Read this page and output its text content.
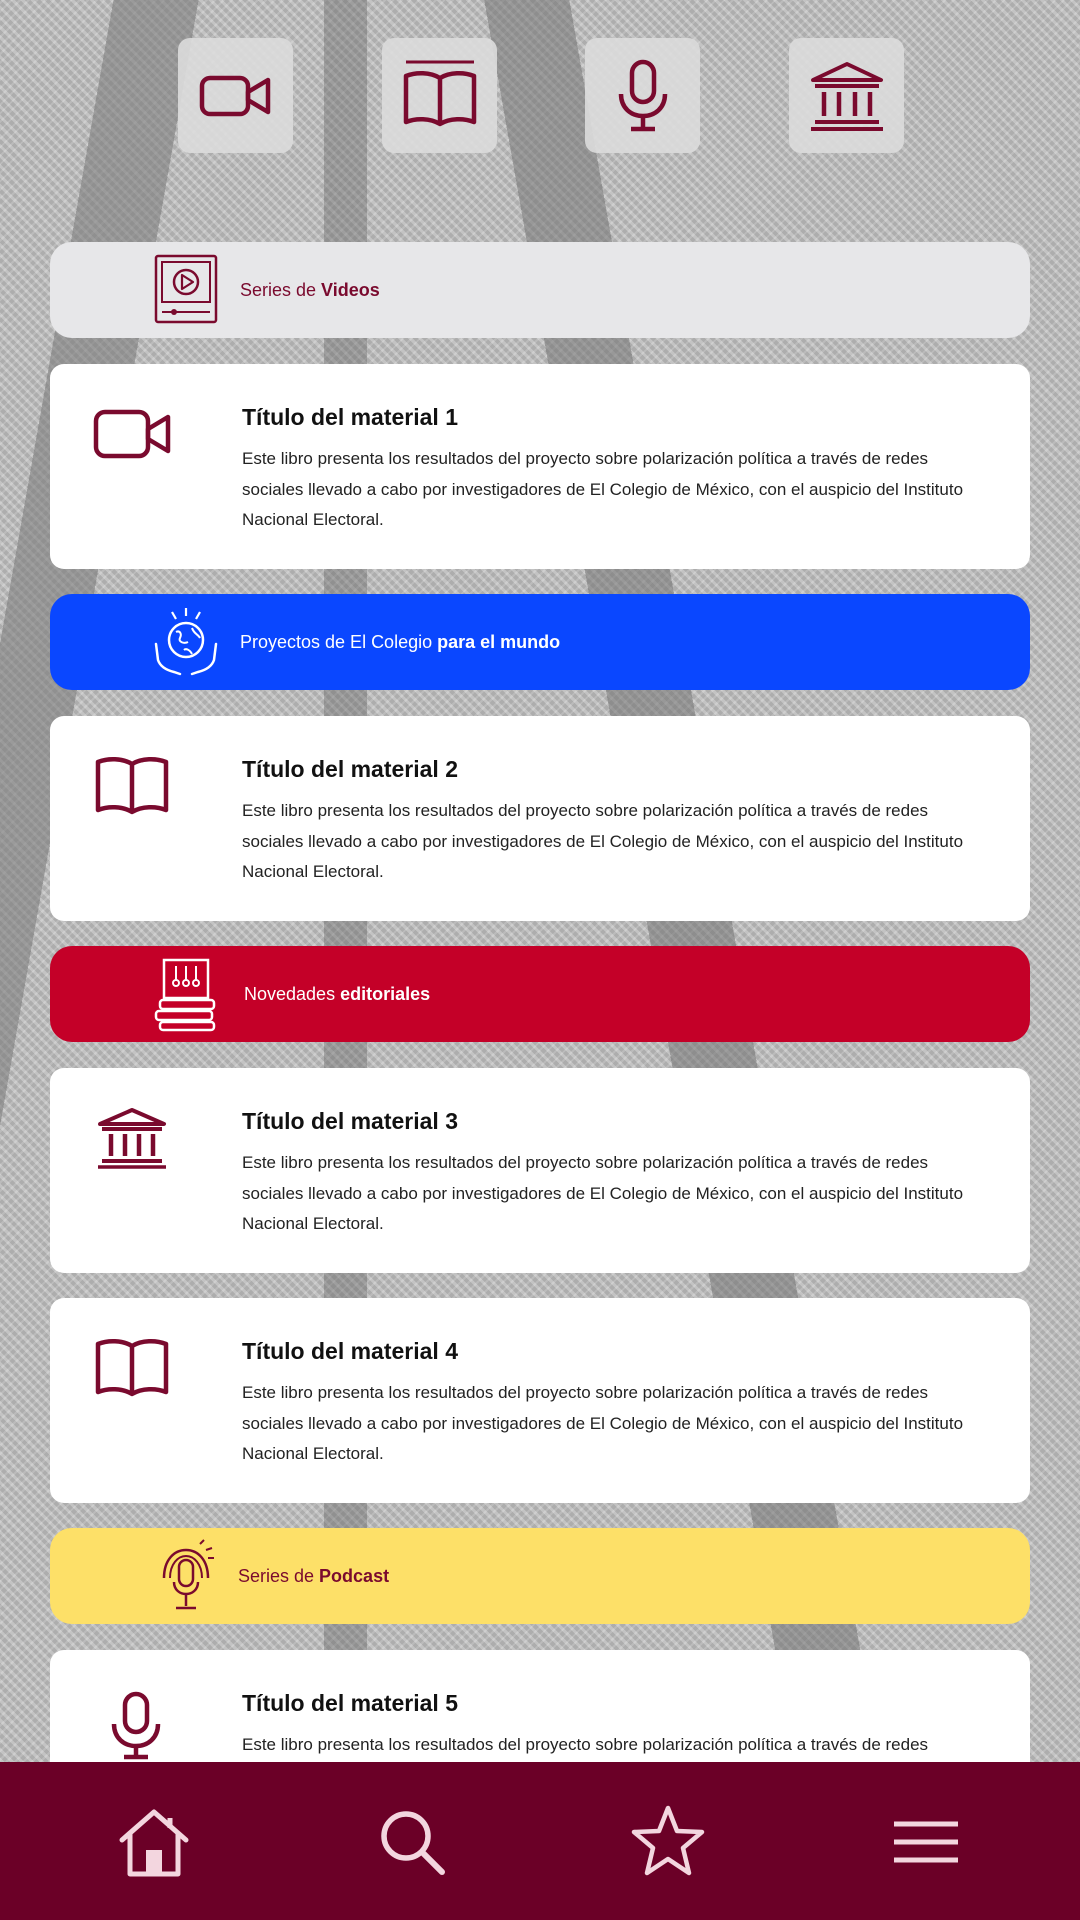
Series de Videos
Título del material 1
Este libro presenta los resultados del proyecto sobre polarización política a través de redes sociales llevado a cabo por investigadores de El Colegio de México, con el auspicio del Instituto Nacional Electoral.
Proyectos de El Colegio para el mundo
Título del material 2
Este libro presenta los resultados del proyecto sobre polarización política a través de redes sociales llevado a cabo por investigadores de El Colegio de México, con el auspicio del Instituto Nacional Electoral.
Novedades editoriales
Título del material 3
Este libro presenta los resultados del proyecto sobre polarización política a través de redes sociales llevado a cabo por investigadores de El Colegio de México, con el auspicio del Instituto Nacional Electoral.
Título del material 4
Este libro presenta los resultados del proyecto sobre polarización política a través de redes sociales llevado a cabo por investigadores de El Colegio de México, con el auspicio del Instituto Nacional Electoral.
Series de Podcast
Título del material 5
Este libro presenta los resultados del proyecto sobre polarización política a través de redes
